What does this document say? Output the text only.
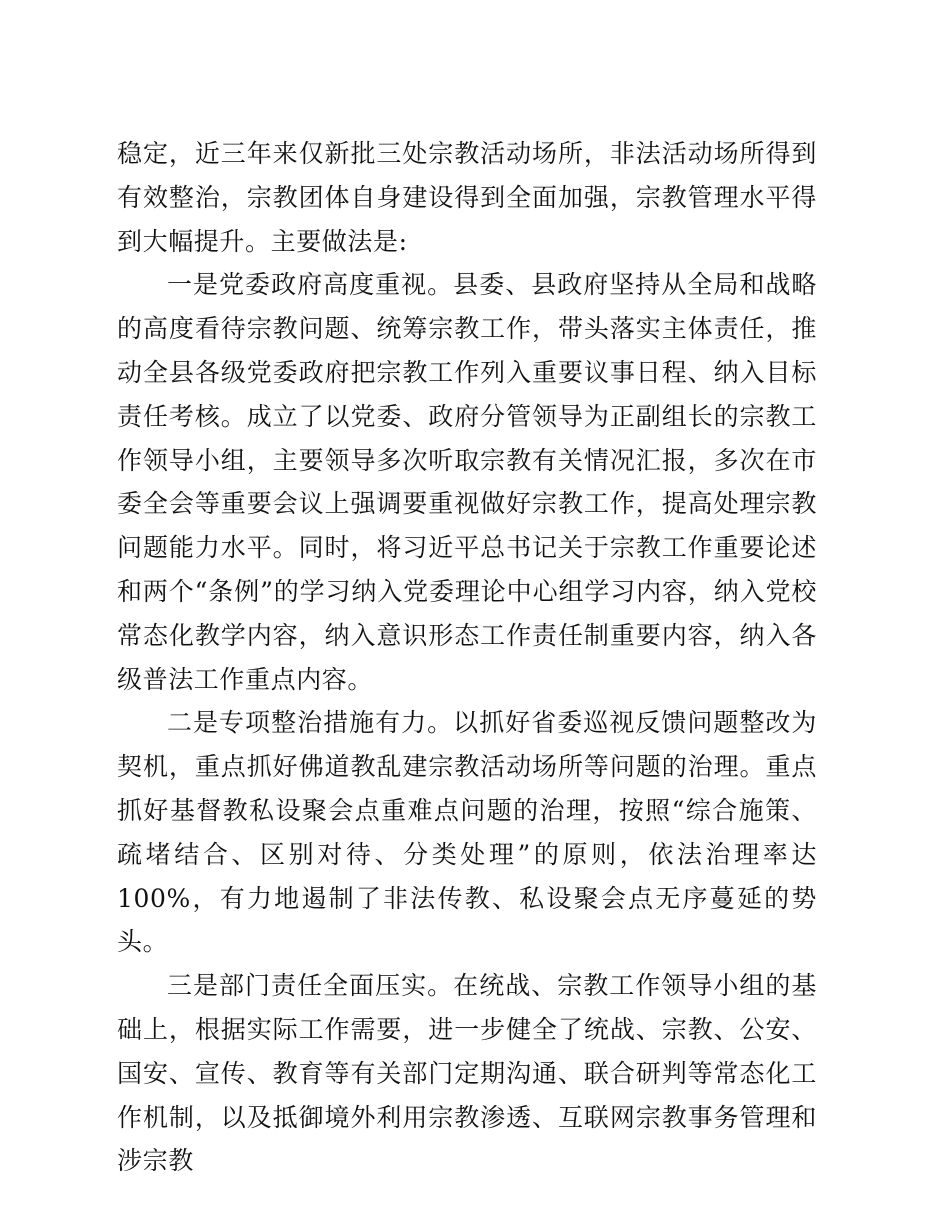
稳定，近三年来仅新批三处宗教活动场所，非法活动场所得到有效整治，宗教团体自身建设得到全面加强，宗教管理水平得到大幅提升。主要做法是:

一是党委政府高度重视。县委、县政府坚持从全局和战略的高度看待宗教问题、统筹宗教工作，带头落实主体责任，推动全县各级党委政府把宗教工作列入重要议事日程、纳入目标责任考核。成立了以党委、政府分管领导为正副组长的宗教工作领导小组，主要领导多次听取宗教有关情况汇报，多次在市委全会等重要会议上强调要重视做好宗教工作，提高处理宗教问题能力水平。同时，将习近平总书记关于宗教工作重要论述和两个“条例”的学习纳入党委理论中心组学习内容，纳入党校常态化教学内容，纳入意识形态工作责任制重要内容，纳入各级普法工作重点内容。

二是专项整治措施有力。以抓好省委巡视反馈问题整改为契机，重点抓好佛道教乱建宗教活动场所等问题的治理。重点抓好基督教私设聚会点重难点问题的治理，按照“综合施策、疏堵结合、区别对待、分类处理”的原则，依法治理率达100%，有力地遏制了非法传教、私设聚会点无序蔓延的势头。

三是部门责任全面压实。在统战、宗教工作领导小组的基础上，根据实际工作需要，进一步健全了统战、宗教、公安、国安、宣传、教育等有关部门定期沟通、联合研判等常态化工作机制，以及抵御境外利用宗教渗透、互联网宗教事务管理和涉宗教
